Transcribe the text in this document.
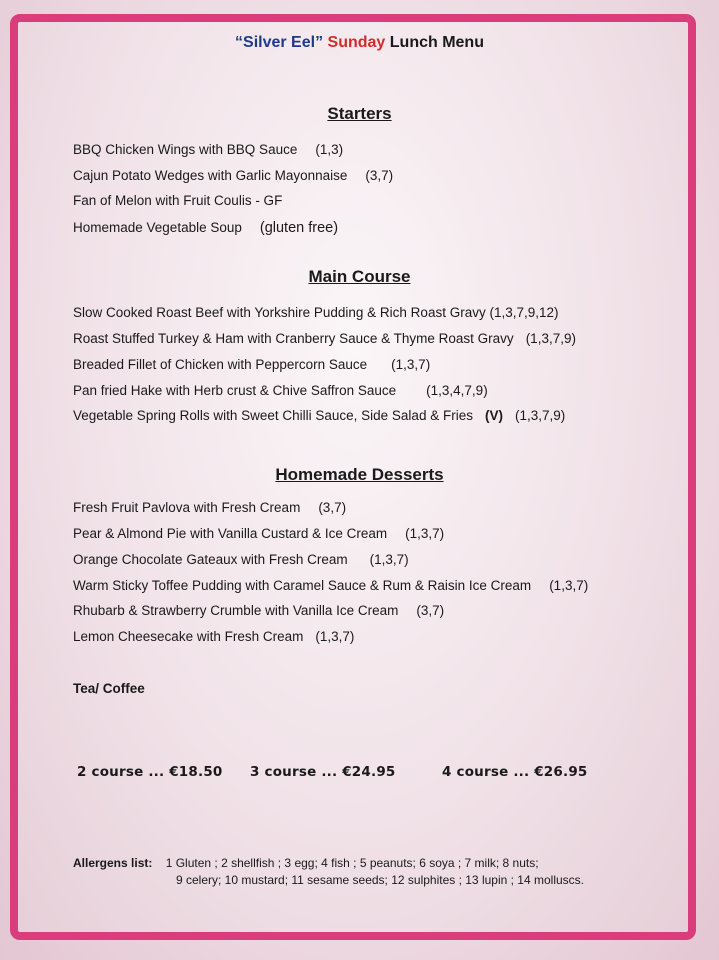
“Silver Eel” Sunday Lunch Menu
Starters
BBQ Chicken Wings with BBQ Sauce (1,3)
Cajun Potato Wedges with Garlic Mayonnaise (3,7)
Fan of Melon with Fruit Coulis - GF
Homemade Vegetable Soup (gluten free)
Main Course
Slow Cooked Roast Beef with Yorkshire Pudding & Rich Roast Gravy (1,3,7,9,12)
Roast Stuffed Turkey & Ham with Cranberry Sauce & Thyme Roast Gravy (1,3,7,9)
Breaded Fillet of Chicken with Peppercorn Sauce (1,3,7)
Pan fried Hake with Herb crust & Chive Saffron Sauce (1,3,4,7,9)
Vegetable Spring Rolls with Sweet Chilli Sauce, Side Salad & Fries (V) (1,3,7,9)
Homemade Desserts
Fresh Fruit Pavlova with Fresh Cream (3,7)
Pear & Almond Pie with Vanilla Custard & Ice Cream (1,3,7)
Orange Chocolate Gateaux with Fresh Cream (1,3,7)
Warm Sticky Toffee Pudding with Caramel Sauce & Rum & Raisin Ice Cream (1,3,7)
Rhubarb & Strawberry Crumble with Vanilla Ice Cream (3,7)
Lemon Cheesecake with Fresh Cream (1,3,7)
Tea/ Coffee
2 course ... €18.50 3 course ... €24.95	4 course ... €26.95
Allergens list: 1 Gluten ; 2 shellfish ; 3 egg; 4 fish ; 5 peanuts; 6 soya ; 7 milk; 8 nuts;
9 celery; 10 mustard; 11 sesame seeds; 12 sulphites ; 13 lupin ; 14 molluscs.
